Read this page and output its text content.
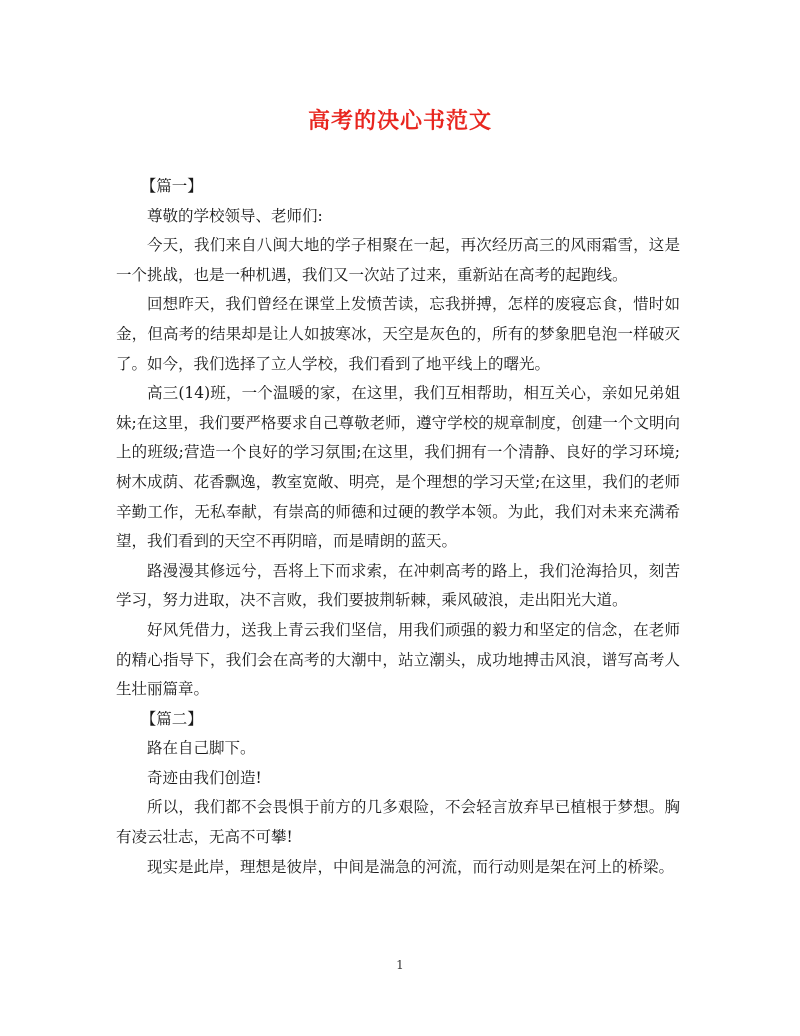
高考的决心书范文

【篇一】

尊敬的学校领导、老师们:

今天，我们来自八闽大地的学子相聚在一起，再次经历高三的风雨霜雪，这是一个挑战，也是一种机遇，我们又一次站了过来，重新站在高考的起跑线。

回想昨天，我们曾经在课堂上发愤苦读，忘我拼搏，怎样的废寝忘食，惜时如金，但高考的结果却是让人如披寒冰，天空是灰色的，所有的梦象肥皂泡一样破灭了。如今，我们选择了立人学校，我们看到了地平线上的曙光。

高三(14)班，一个温暖的家，在这里，我们互相帮助，相互关心，亲如兄弟姐妹;在这里，我们要严格要求自己尊敬老师，遵守学校的规章制度，创建一个文明向上的班级;营造一个良好的学习氛围;在这里，我们拥有一个清静、良好的学习环境;树木成荫、花香飘逸，教室宽敞、明亮，是个理想的学习天堂;在这里，我们的老师辛勤工作，无私奉献，有崇高的师德和过硬的教学本领。为此，我们对未来充满希望，我们看到的天空不再阴暗，而是晴朗的蓝天。

路漫漫其修远兮，吾将上下而求索，在冲刺高考的路上，我们沧海拾贝，刻苦学习，努力进取，决不言败，我们要披荆斩棘，乘风破浪，走出阳光大道。

好风凭借力，送我上青云我们坚信，用我们顽强的毅力和坚定的信念，在老师的精心指导下，我们会在高考的大潮中，站立潮头，成功地搏击风浪，谱写高考人生壮丽篇章。

【篇二】

路在自己脚下。

奇迹由我们创造!

所以，我们都不会畏惧于前方的几多艰险，不会轻言放弃早已植根于梦想。胸有凌云壮志，无高不可攀!

现实是此岸，理想是彼岸，中间是湍急的河流，而行动则是架在河上的桥梁。

1
